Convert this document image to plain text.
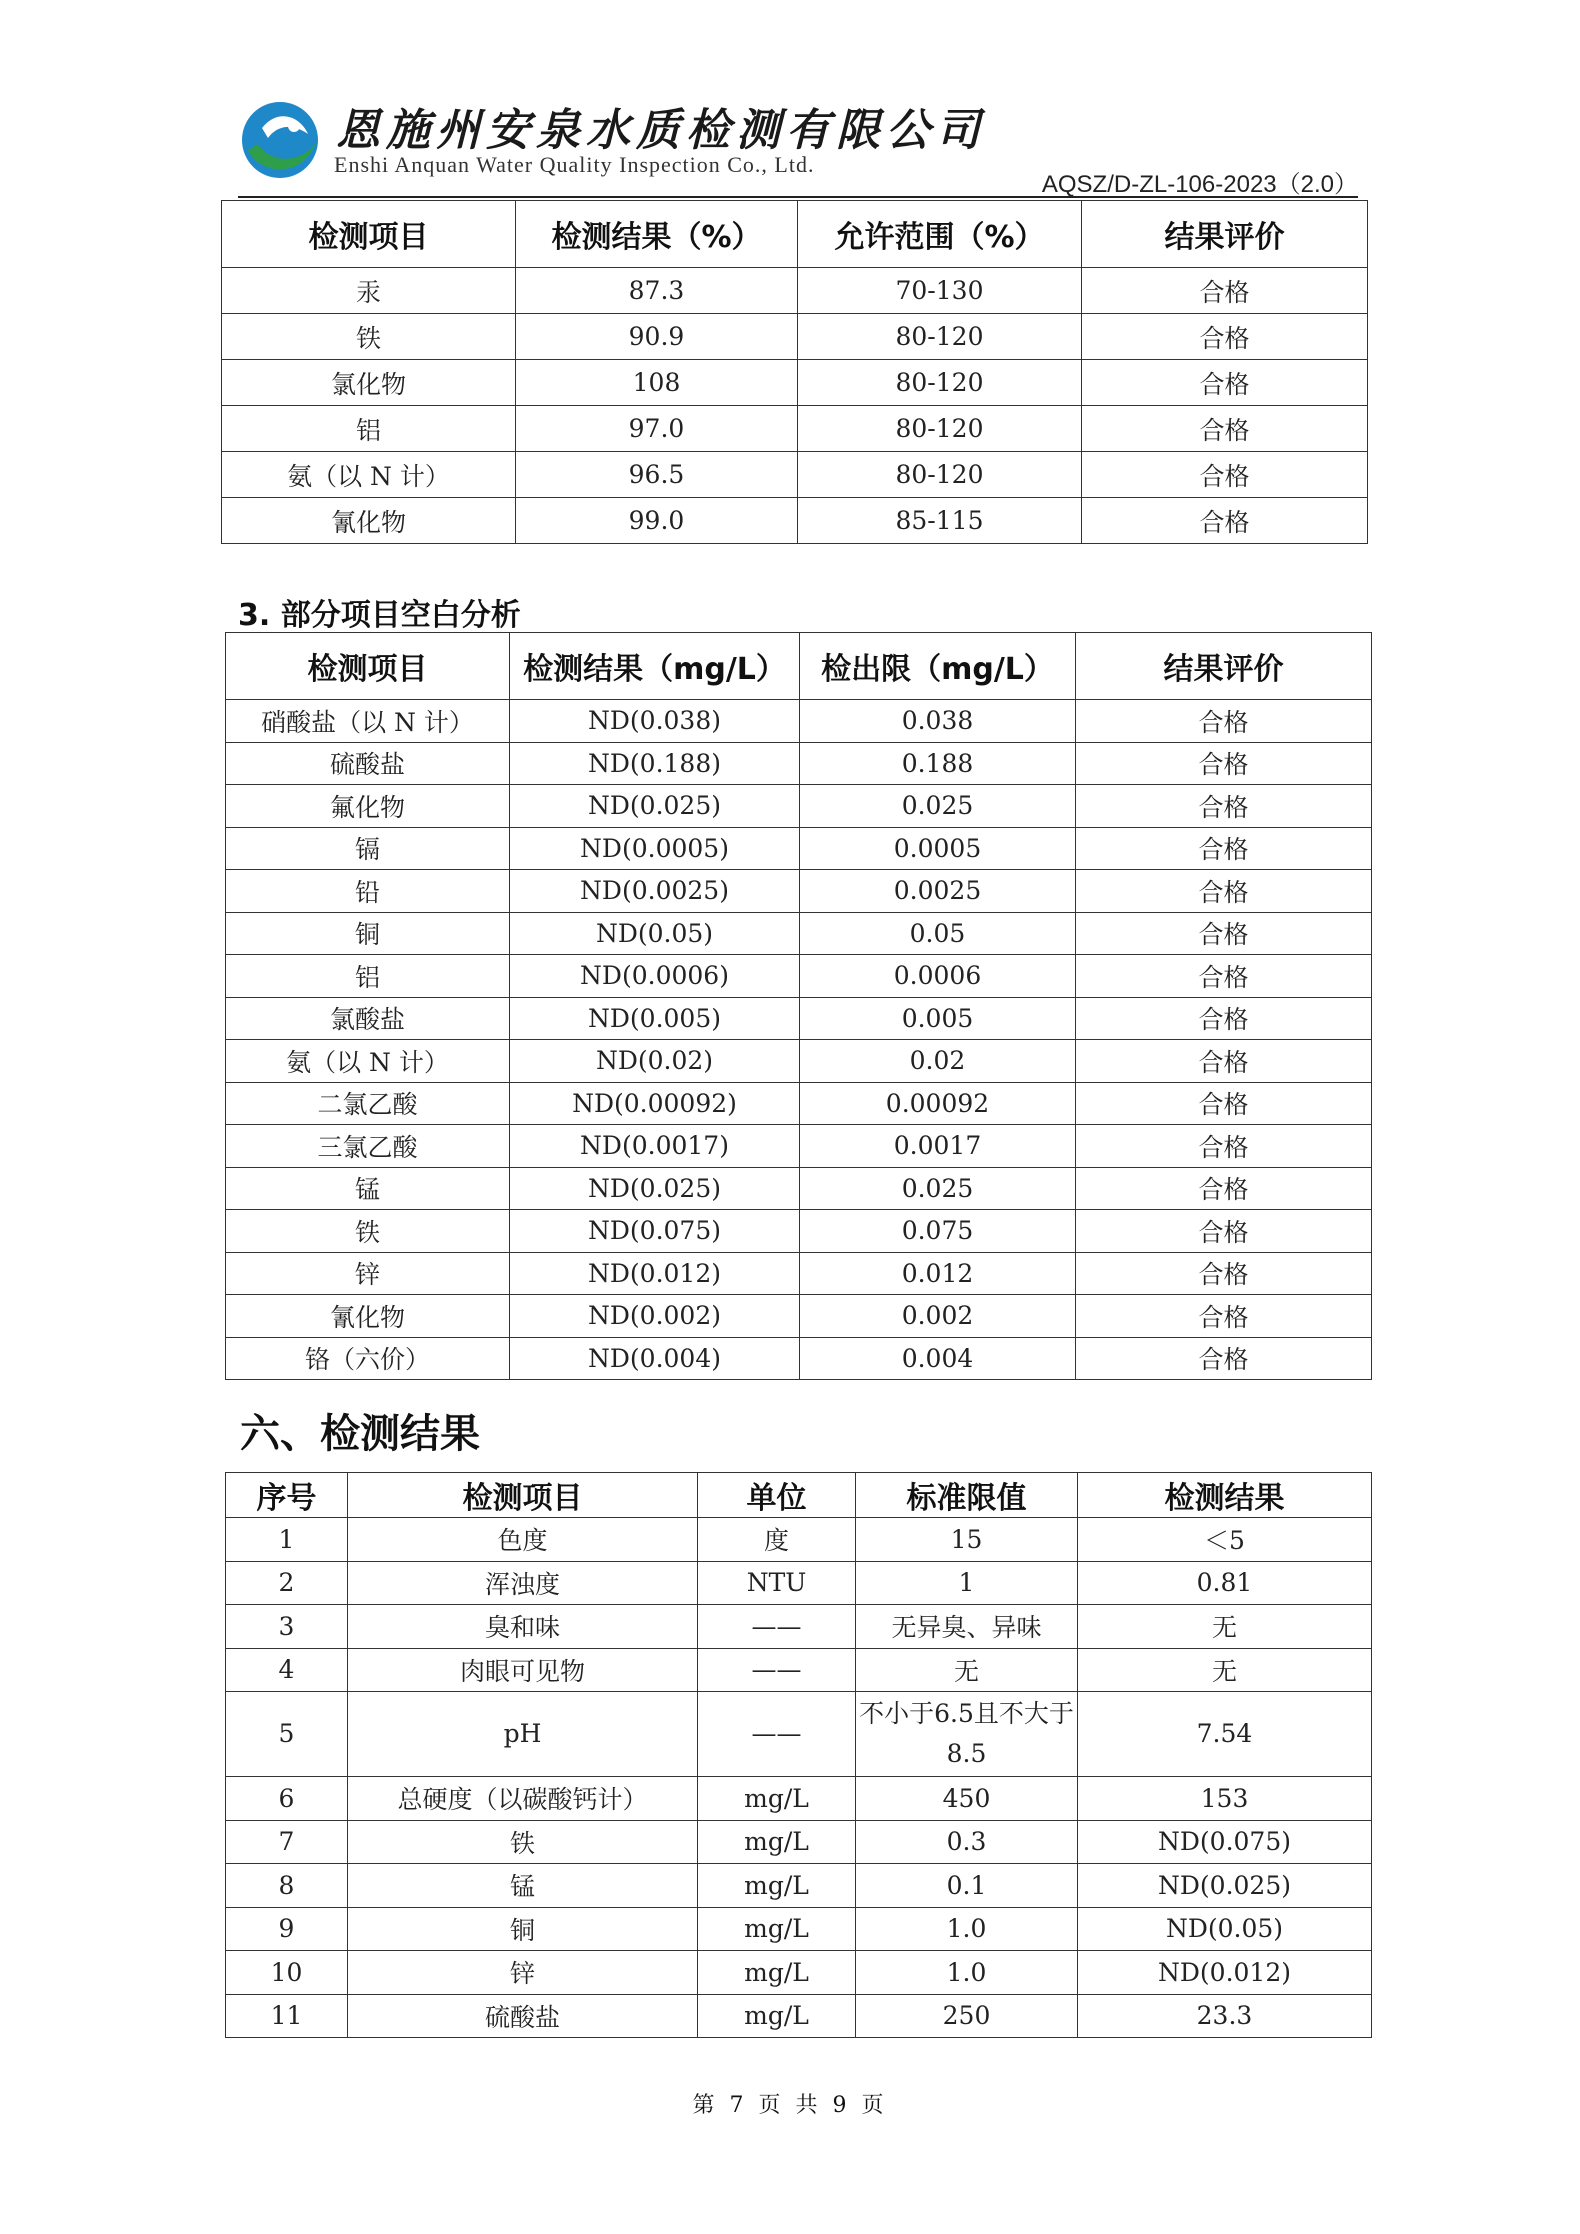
恩施州安泉水质检测有限公司
Enshi Anquan Water Quality Inspection Co., Ltd.
AQSZ/D-ZL-106-2023（2.0）
检测项目	检测结果（%）	允许范围（%）	结果评价
汞	87.3	70-130	合格
铁	90.9	80-120	合格
氯化物	108	80-120	合格
铝	97.0	80-120	合格
氨（以 N 计）	96.5	80-120	合格
氰化物	99.0	85-115	合格
3. 部分项目空白分析
检测项目	检测结果（mg/L）	检出限（mg/L）	结果评价
硝酸盐（以 N 计）	ND(0.038)	0.038	合格
硫酸盐	ND(0.188)	0.188	合格
氟化物	ND(0.025)	0.025	合格
镉	ND(0.0005)	0.0005	合格
铅	ND(0.0025)	0.0025	合格
铜	ND(0.05)	0.05	合格
铝	ND(0.0006)	0.0006	合格
氯酸盐	ND(0.005)	0.005	合格
氨（以 N 计）	ND(0.02)	0.02	合格
二氯乙酸	ND(0.00092)	0.00092	合格
三氯乙酸	ND(0.0017)	0.0017	合格
锰	ND(0.025)	0.025	合格
铁	ND(0.075)	0.075	合格
锌	ND(0.012)	0.012	合格
氰化物	ND(0.002)	0.002	合格
铬（六价）	ND(0.004)	0.004	合格
六、检测结果
序号	检测项目	单位	标准限值	检测结果
1	色度	度	15	＜5
2	浑浊度	NTU	1	0.81
3	臭和味	——	无异臭、异味	无
4	肉眼可见物	——	无	无
5	pH	——	不小于6.5且不大于8.5	7.54
6	总硬度（以碳酸钙计）	mg/L	450	153
7	铁	mg/L	0.3	ND(0.075)
8	锰	mg/L	0.1	ND(0.025)
9	铜	mg/L	1.0	ND(0.05)
10	锌	mg/L	1.0	ND(0.012)
11	硫酸盐	mg/L	250	23.3
第 7 页 共 9 页
